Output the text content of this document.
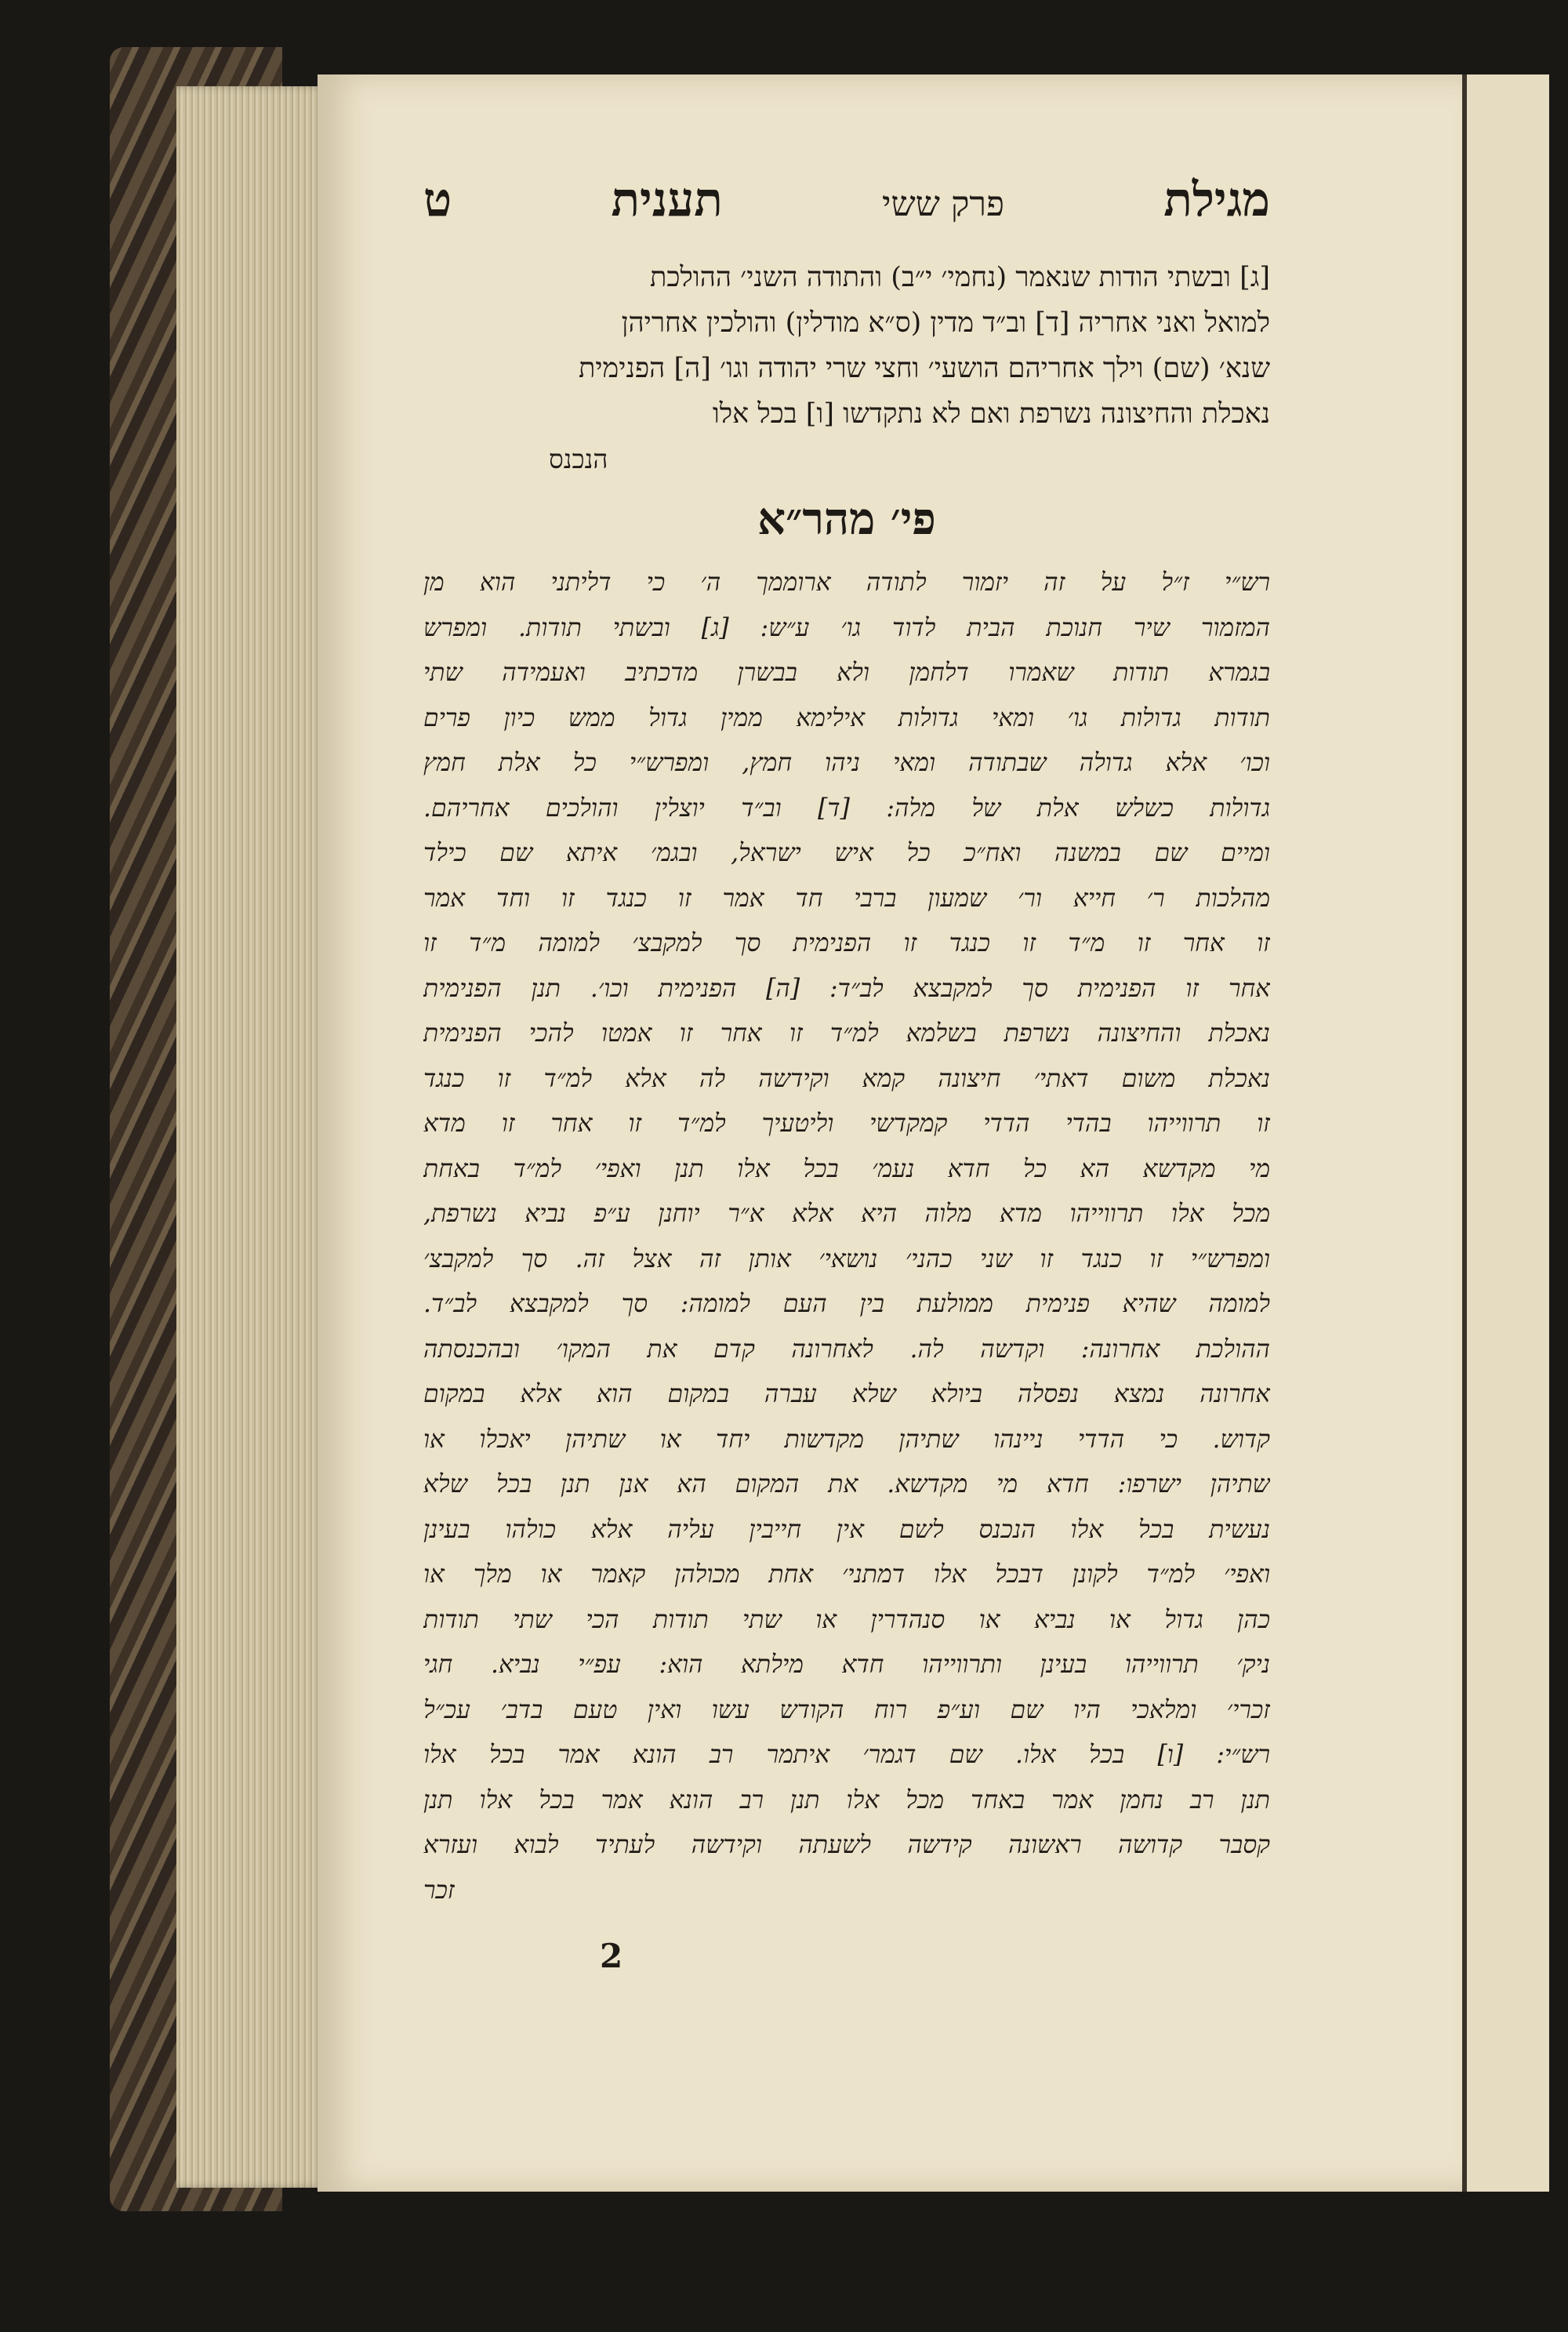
מגילת
פרק ששי
תענית
ט
[ג] ובשתי הודות שנאמר (נחמי׳ י״ב) והתודה השני׳ ההולכת
למואל ואני אחריה [ד] וב״ד מדין (ס״א מודלין) והולכין אחריהן
שנא׳ (שם) וילך אחריהם הושעי׳ וחצי שרי יהודה וגו׳ [ה] הפנימית
נאכלת והחיצונה נשרפת ואם לא נתקדשו [ו] בכל אלו
הנכנס
פי׳ מהר״א
רש״י ז״ל על זה יזמור לתודה ארוממך ה׳ כי דליתני הוא מן
המזמור שיר חנוכת הבית לדוד גו׳ ע״ש: [ג] ובשתי תודות. ומפרש
בגמרא תודות שאמרו דלחמן ולא בבשרן מדכתיב ואעמידה שתי
תודות גדולות גו׳ ומאי גדולות אילימא ממין גדול ממש כיון פרים
וכו׳ אלא גדולה שבתודה ומאי ניהו חמץ, ומפרש״י כל אלת חמץ
גדולות כשלש אלת של מלה: [ד] וב״ד יוצלין והולכים אחריהם.
ומיים שם במשנה ואח״כ כל איש ישראל, ובגמ׳ איתא שם כילד
מהלכות ר׳ חייא ור׳ שמעון ברבי חד אמר זו כנגד זו וחד אמר
זו אחר זו מ״ד זו כנגד זו הפנימית סך למקבצ׳ למומה מ״ד זו
אחר זו הפנימית סך למקבצא לב״ד: [ה] הפנימית וכו׳. תנן הפנימית
נאכלת והחיצונה נשרפת בשלמא למ״ד זו אחר זו אמטו להכי הפנימית
נאכלת משום דאתי׳ חיצונה קמא וקידשה לה אלא למ״ד זו כנגד
זו תרווייהו בהדי הדדי קמקדשי וליטעיך למ״ד זו אחר זו מדא
מי מקדשא הא כל חדא נעמ׳ בכל אלו תנן ואפי׳ למ״ד באחת
מכל אלו תרווייהו מדא מלוה היא אלא א״ר יוחנן ע״פ נביא נשרפת,
ומפרש״י זו כנגד זו שני כהני׳ נושאי׳ אותן זה אצל זה. סך למקבצ׳
למומה שהיא פנימית ממולעת בין העם למומה: סך למקבצא לב״ד.
ההולכת אחרונה: וקדשה לה. לאחרונה קדם את המקו׳ ובהכנסתה
אחרונה נמצא נפסלה ביולא שלא עברה במקום הוא אלא במקום
קדוש. כי הדדי ניינהו שתיהן מקדשות יחד או שתיהן יאכלו או
שתיהן ישרפו: חדא מי מקדשא. את המקום הא אנן תנן בכל שלא
נעשית בכל אלו הנכנס לשם אין חייבין עליה אלא כולהו בעינן
ואפי׳ למ״ד לקונן דבכל אלו דמתני׳ אחת מכולהן קאמר או מלך או
כהן גדול או נביא או סנהדרין או שתי תודות הכי שתי תודות
ניק׳ תרווייהו בעינן ותרווייהו חדא מילתא הוא: עפ״י נביא. חגי
זכרי׳ ומלאכי היו שם וע״פ רוח הקודש עשו ואין טעם בדב׳ עכ״ל
רש״י: [ו] בכל אלו. שם דגמר׳ איתמר רב הונא אמר בכל אלו
תנן רב נחמן אמר באחד מכל אלו תנן רב הונא אמר בכל אלו תנן
קסבר קדושה ראשונה קידשה לשעתה וקידשה לעתיד לבוא ועזרא
זכר
2
